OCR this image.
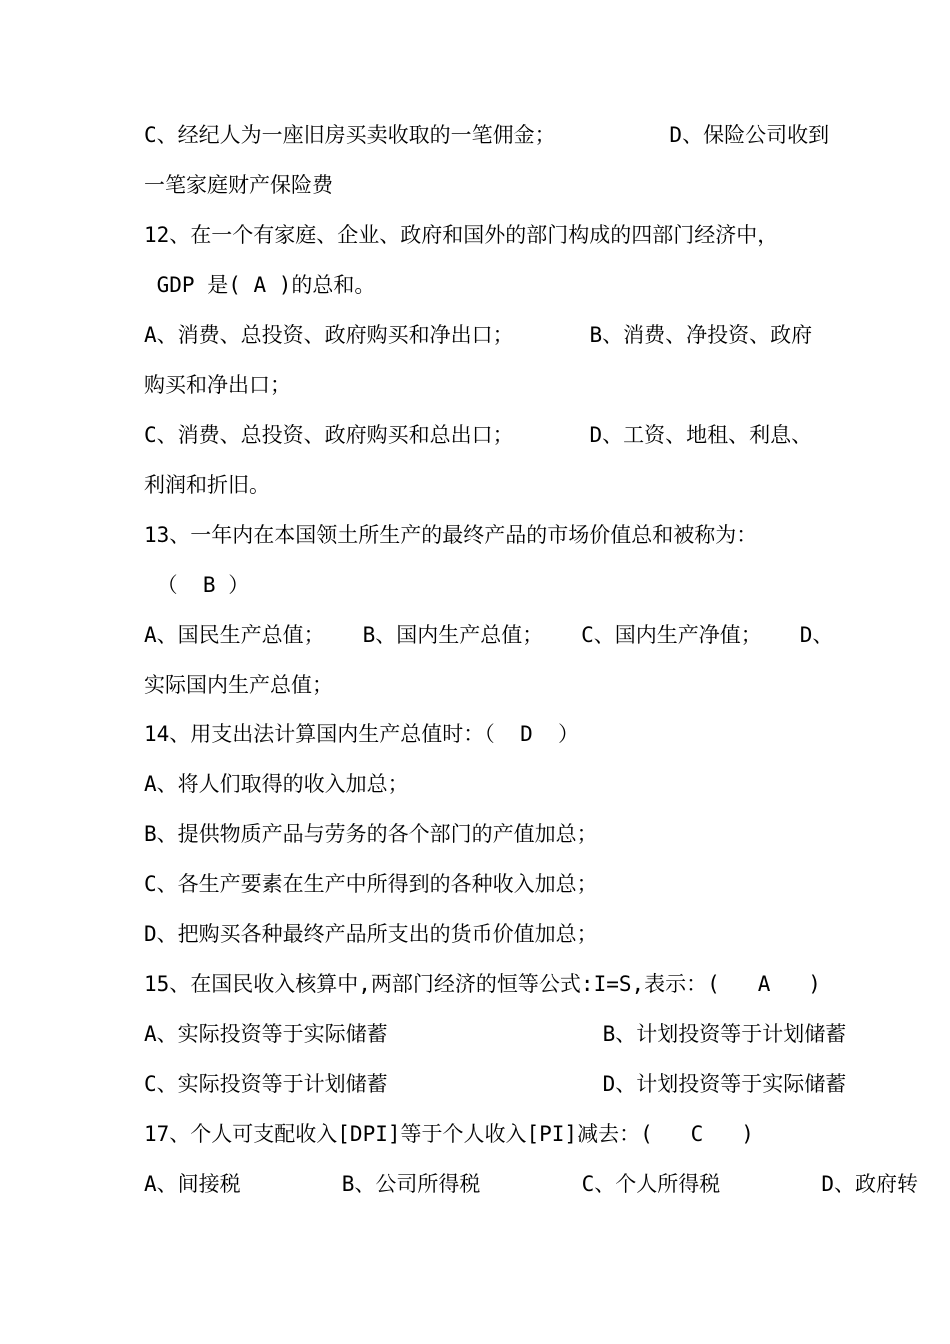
C、经纪人为一座旧房买卖收取的一笔佣金；         D、保险公司收到
一笔家庭财产保险费
12、在一个有家庭、企业、政府和国外的部门构成的四部门经济中，
GDP 是( A )的总和。
A、消费、总投资、政府购买和净出口；      B、消费、净投资、政府
购买和净出口；
C、消费、总投资、政府购买和总出口；      D、工资、地租、利息、
利润和折旧。
13、一年内在本国领土所生产的最终产品的市场价值总和被称为：
（  B ）
A、国民生产总值；   B、国内生产总值；   C、国内生产净值；   D、
实际国内生产总值；
14、用支出法计算国内生产总值时：（  D  ）
A、将人们取得的收入加总；
B、提供物质产品与劳务的各个部门的产值加总；
C、各生产要素在生产中所得到的各种收入加总；
D、把购买各种最终产品所支出的货币价值加总；
15、在国民收入核算中,两部门经济的恒等公式:I=S,表示：(   A   )
A、实际投资等于实际储蓄                 B、计划投资等于计划储蓄
C、实际投资等于计划储蓄                 D、计划投资等于实际储蓄
17、个人可支配收入[DPI]等于个人收入[PI]减去：(   C   )
A、间接税        B、公司所得税        C、个人所得税        D、政府转
